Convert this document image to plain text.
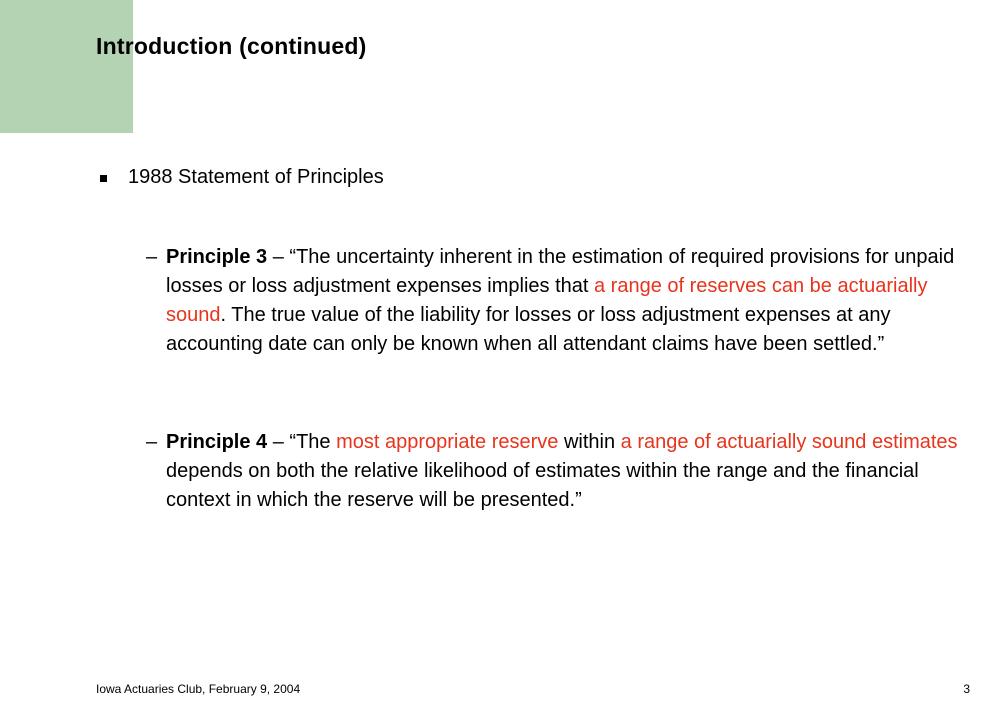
Introduction (continued)
1988 Statement of Principles
– Principle 3 – “The uncertainty inherent in the estimation of required provisions for unpaid losses or loss adjustment expenses implies that a range of reserves can be actuarially sound. The true value of the liability for losses or loss adjustment expenses at any accounting date can only be known when all attendant claims have been settled.”
– Principle 4 – “The most appropriate reserve within a range of actuarially sound estimates depends on both the relative likelihood of estimates within the range and the financial context in which the reserve will be presented.”
Iowa Actuaries Club, February 9, 2004	3
